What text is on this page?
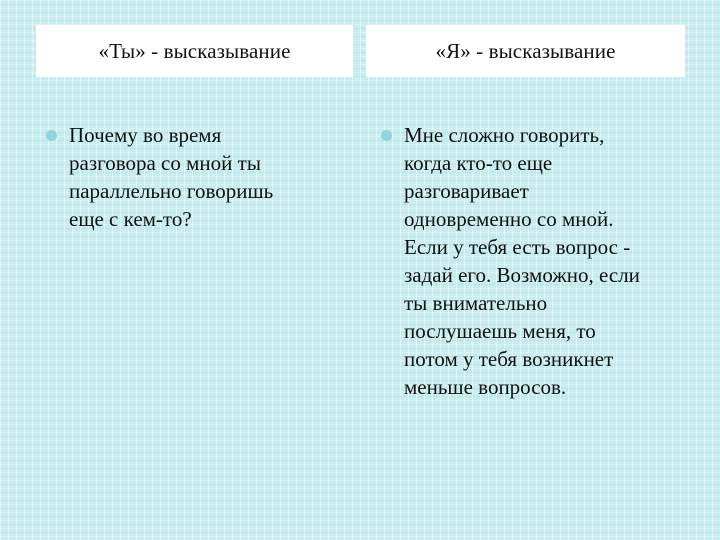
«Ты» - высказывание	«Я» - высказывание
Почему во время
разговора со мной ты
параллельно говоришь
еще с кем-то?
Мне сложно говорить,
когда кто-то еще
разговаривает
одновременно со мной.
Если у тебя есть вопрос -
задай его. Возможно, если
ты внимательно
послушаешь меня, то
потом у тебя возникнет
меньше вопросов.
